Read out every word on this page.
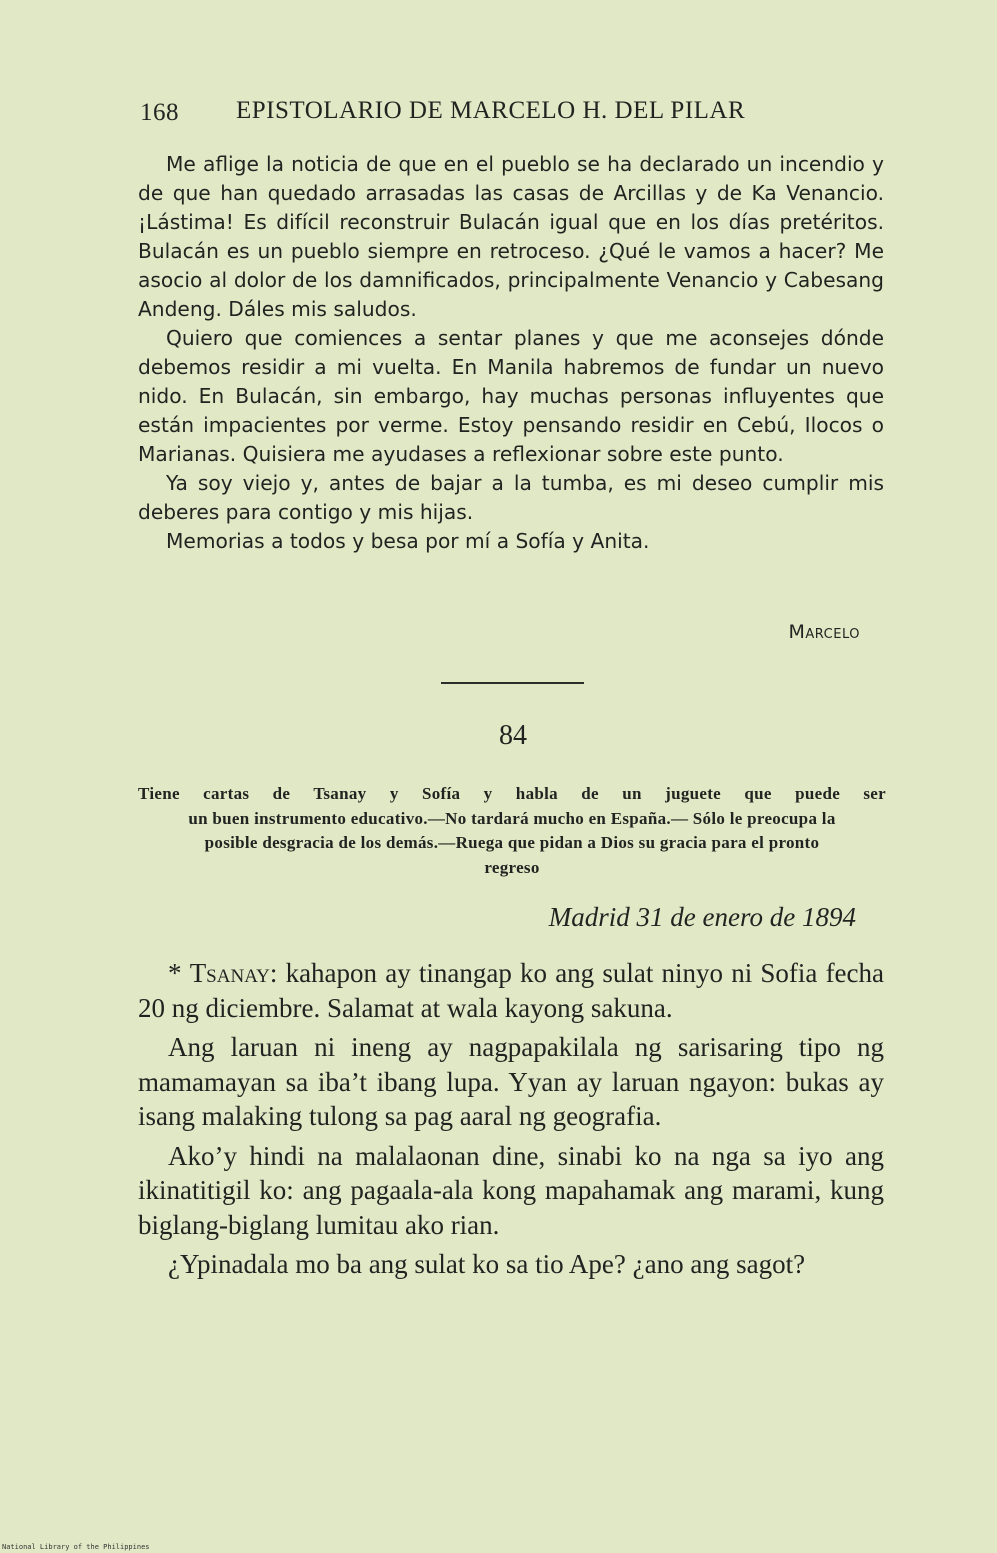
168 EPISTOLARIO DE MARCELO H. DEL PILAR

Me aflige la noticia de que en el pueblo se ha declarado un incendio y de que han quedado arrasadas las casas de Arcillas y de Ka Venancio. ¡Lástima! Es difícil reconstruir Bulacán igual que en los días pretéritos. Bulacán es un pueblo siempre en retroceso. ¿Qué le vamos a hacer? Me asocio al dolor de los damnificados, principalmente Venancio y Cabesang Andeng. Dáles mis saludos.

Quiero que comiences a sentar planes y que me aconsejes dónde debemos residir a mi vuelta. En Manila habremos de fundar un nuevo nido. En Bulacán, sin embargo, hay muchas personas influyentes que están impacientes por verme. Estoy pensando residir en Cebú, Ilocos o Marianas. Quisiera me ayudases a reflexionar sobre este punto.

Ya soy viejo y, antes de bajar a la tumba, es mi deseo cumplir mis deberes para contigo y mis hijas.

Memorias a todos y besa por mí a Sofía y Anita.

Marcelo
84
Tiene cartas de Tsanay y Sofía y habla de un juguete que puede ser
un buen instrumento educativo.—No tardará mucho en España.— Sólo le preocupa la posible desgracia de los demás.—Ruega que pidan a Dios su gracia para el pronto regreso
Madrid 31 de enero de 1894

* Tsanay: kahapon ay tinangap ko ang sulat ninyo ni Sofia fecha 20 ng diciembre. Salamat at wala kayong sakuna.

Ang laruan ni ineng ay nagpapakilala ng sarisaring tipo ng mamamayan sa iba’t ibang lupa. Yyan ay laruan ngayon: bukas ay isang malaking tulong sa pag aaral ng geografia.

Ako’y hindi na malalaonan dine, sinabi ko na nga sa iyo ang ikinatitigil ko: ang pagaala-ala kong mapahamak ang marami, kung biglang-biglang lumitau ako rian.

¿Ypinadala mo ba ang sulat ko sa tio Ape? ¿ano ang sagot?

National Library of the Philippines
